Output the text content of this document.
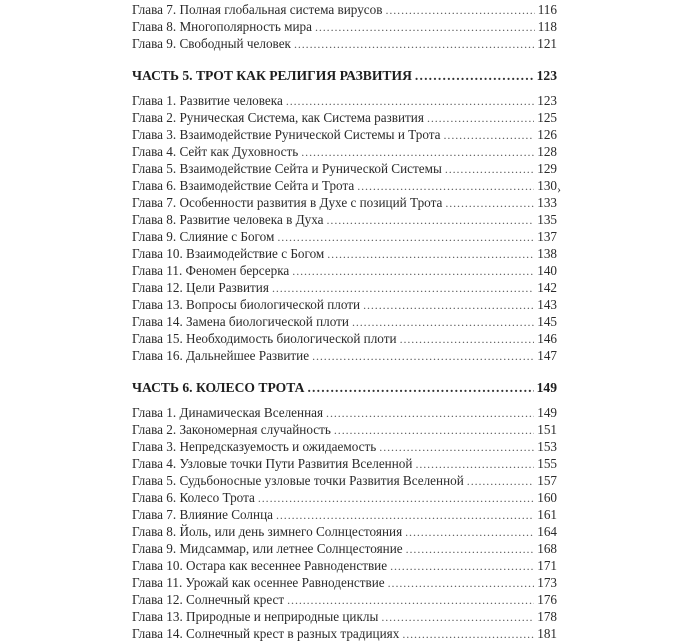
Глава 7. Полная глобальная система вирусов .....	116
Глава 8. Многополярность мира .....	118
Глава 9. Свободный человек .....	121
ЧАСТЬ 5. ТРОТ КАК РЕЛИГИЯ РАЗВИТИЯ .....	123
Глава 1. Развитие человека .....	123
Глава 2. Руническая Система, как Система развития .....	125
Глава 3. Взаимодействие Рунической Системы и Трота .....	126
Глава 4. Сейт как Духовность .....	128
Глава 5. Взаимодействие Сейта и Рунической Системы .....	129
Глава 6. Взаимодействие Сейта и Трота .....	130
Глава 7. Особенности развития в Духе с позиций Трота .....	133
Глава 8. Развитие человека в Духа .....	135
Глава 9. Слияние с Богом .....	137
Глава 10. Взаимодействие с Богом .....	138
Глава 11. Феномен берсерка .....	140
Глава 12. Цели Развития .....	142
Глава 13. Вопросы биологической плоти .....	143
Глава 14. Замена биологической плоти .....	145
Глава 15. Необходимость биологической плоти .....	146
Глава 16. Дальнейшее Развитие .....	147
ЧАСТЬ 6. КОЛЕСО ТРОТА .....	149
Глава 1. Динамическая Вселенная .....	149
Глава 2. Закономерная случайность .....	151
Глава 3. Непредсказуемость и ожидаемость .....	153
Глава 4. Узловые точки Пути Развития Вселенной .....	155
Глава 5. Судьбоносные узловые точки Развития Вселенной .....	157
Глава 6. Колесо Трота .....	160
Глава 7. Влияние Солнца .....	161
Глава 8. Йоль, или день зимнего Солнцестояния .....	164
Глава 9. Мидсаммар, или летнее Солнцестояние .....	168
Глава 10. Остара как весеннее Равноденствие .....	171
Глава 11. Урожай как осеннее Равноденствие .....	173
Глава 12. Солнечный крест .....	176
Глава 13. Природные и неприродные циклы .....	178
Глава 14. Солнечный крест в разных традициях .....	181
›
